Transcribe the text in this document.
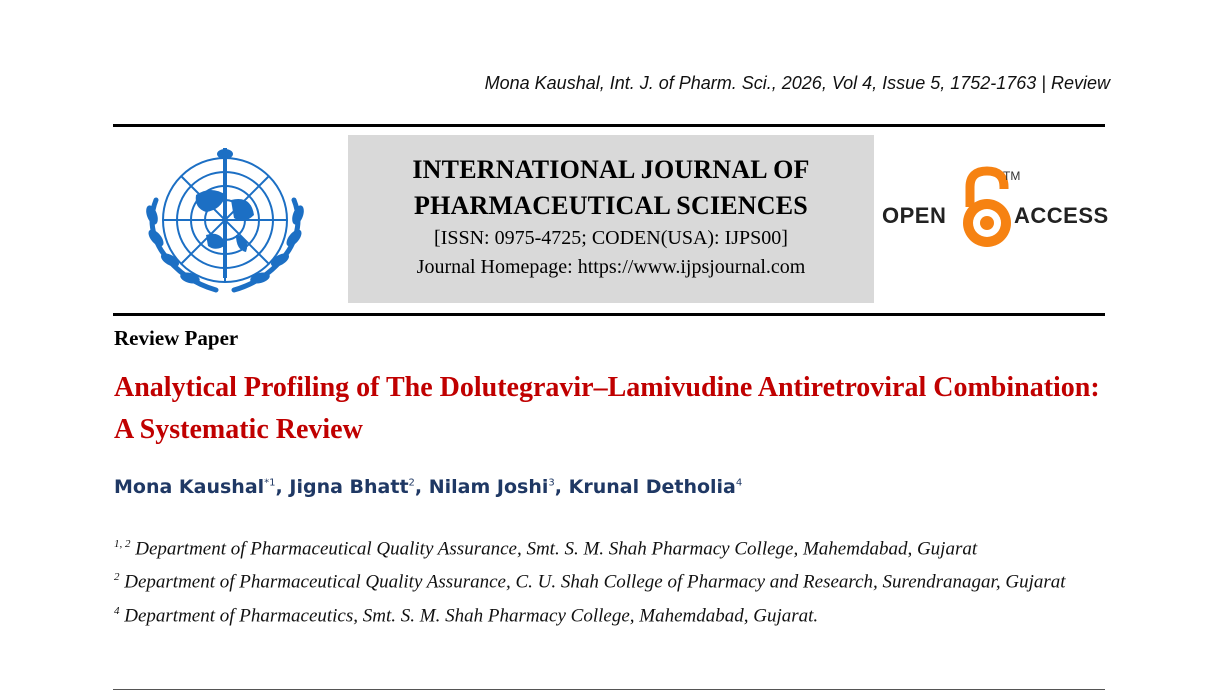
Mona Kaushal, Int. J. of Pharm. Sci., 2026, Vol 4, Issue 5, 1752-1763 | Review
INTERNATIONAL JOURNAL OF
PHARMACEUTICAL SCIENCES
[ISSN: 0975-4725; CODEN(USA): IJPS00]
Journal Homepage: https://www.ijpsjournal.com
OPEN
TM
ACCESS
Review Paper
Analytical Profiling of The Dolutegravir–Lamivudine Antiretroviral Combination: A Systematic Review
Mona Kaushal$^{*1}$, Jigna Bhatt$^2$, Nilam Joshi$^3$, Krunal Detholia$^4$

$^{1, 2}$ Department of Pharmaceutical Quality Assurance, Smt. S. M. Shah Pharmacy College, Mahemdabad, Gujarat

$^2$ Department of Pharmaceutical Quality Assurance, C. U. Shah College of Pharmacy and Research, Surendranagar, Gujarat

$^4$ Department of Pharmaceutics, Smt. S. M. Shah Pharmacy College, Mahemdabad, Gujarat.
